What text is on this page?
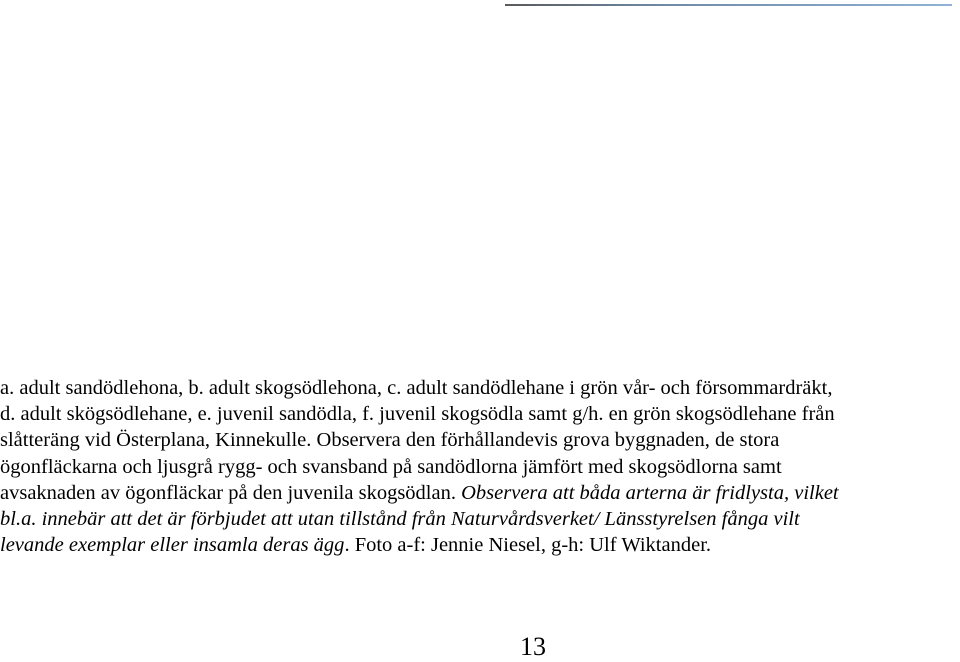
a. adult sandödlehona, b. adult skogsödlehona, c. adult sandödlehane i grön vår- och försommardräkt,
d. adult skögsödlehane, e. juvenil sandödla, f. juvenil skogsödla samt g/h. en grön skogsödlehane från
slåtteräng vid Österplana, Kinnekulle. Observera den förhållandevis grova byggnaden, de stora
ögonfläckarna och ljusgrå rygg- och svansband på sandödlorna jämfört med skogsödlorna samt
avsaknaden av ögonfläckar på den juvenila skogsödlan. Observera att båda arterna är fridlysta, vilket
bl.a. innebär att det är förbjudet att utan tillstånd från Naturvårdsverket/ Länsstyrelsen fånga vilt
levande exemplar eller insamla deras ägg. Foto a-f: Jennie Niesel, g-h: Ulf Wiktander.

13
